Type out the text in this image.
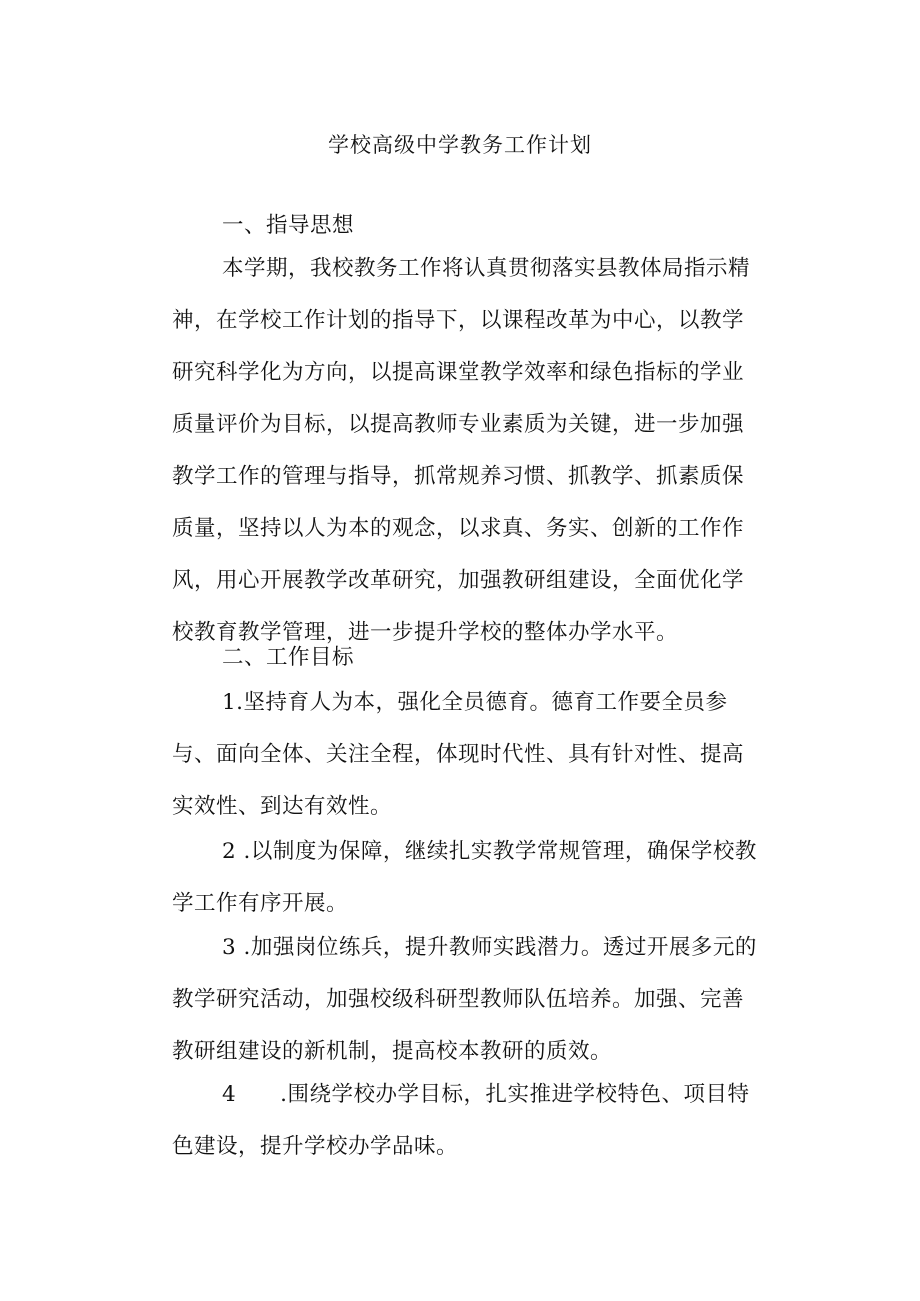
学校高级中学教务工作计划

一、指导思想

本学期，我校教务工作将认真贯彻落实县教体局指示精神，在学校工作计划的指导下，以课程改革为中心，以教学研究科学化为方向，以提高课堂教学效率和绿色指标的学业质量评价为目标，以提高教师专业素质为关键，进一步加强教学工作的管理与指导，抓常规养习惯、抓教学、抓素质保质量，坚持以人为本的观念，以求真、务实、创新的工作作风，用心开展教学改革研究，加强教研组建设，全面优化学校教育教学管理，进一步提升学校的整体办学水平。

二、工作目标

1.坚持育人为本，强化全员德育。德育工作要全员参与、面向全体、关注全程，体现时代性、具有针对性、提高实效性、到达有效性。

2 .以制度为保障，继续扎实教学常规管理，确保学校教学工作有序开展。

3 .加强岗位练兵，提升教师实践潜力。透过开展多元的教学研究活动，加强校级科研型教师队伍培养。加强、完善教研组建设的新机制，提高校本教研的质效。

4　　.围绕学校办学目标，扎实推进学校特色、项目特色建设，提升学校办学品味。
